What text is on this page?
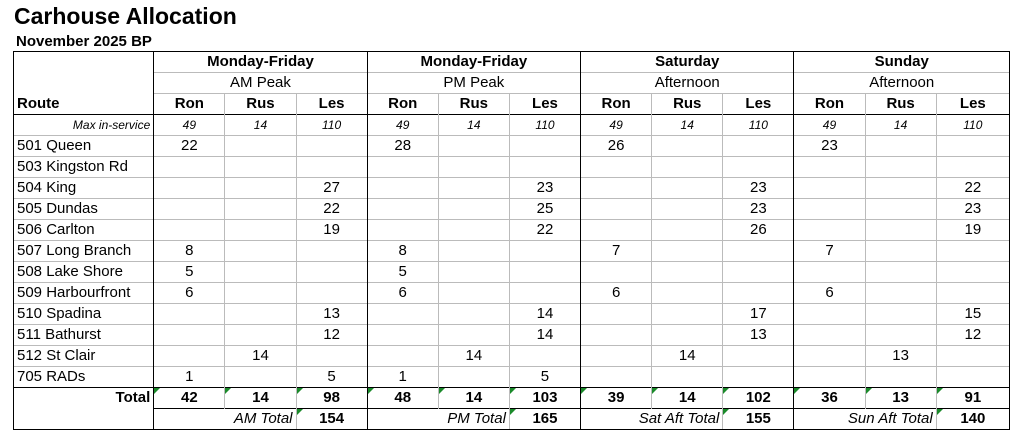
Carhouse Allocation
November 2025 BP
	Monday-Friday			Monday-Friday			Saturday			Sunday		
	AM Peak			PM Peak			Afternoon			Afternoon		
Route	Ron	Rus	Les	Ron	Rus	Les	Ron	Rus	Les	Ron	Rus	Les
Max in-service	49	14	110	49	14	110	49	14	110	49	14	110
501 Queen	22			28			26			23		
503 Kingston Rd												
504 King			27			23			23			22
505 Dundas			22			25			23			23
506 Carlton			19			22			26			19
507 Long Branch	8			8			7			7		
508 Lake Shore	5			5								
509 Harbourfront	6			6			6			6		
510 Spadina			13			14			17			15
511 Bathurst			12			14			13			12
512 St Clair		14			14			14			13	
705 RADs	1		5	1		5						
Total	42	14	98	48	14	103	39	14	102	36	13	91
	AM Total		154	PM Total		165	Sat Aft Total		155	Sun Aft Total		140
